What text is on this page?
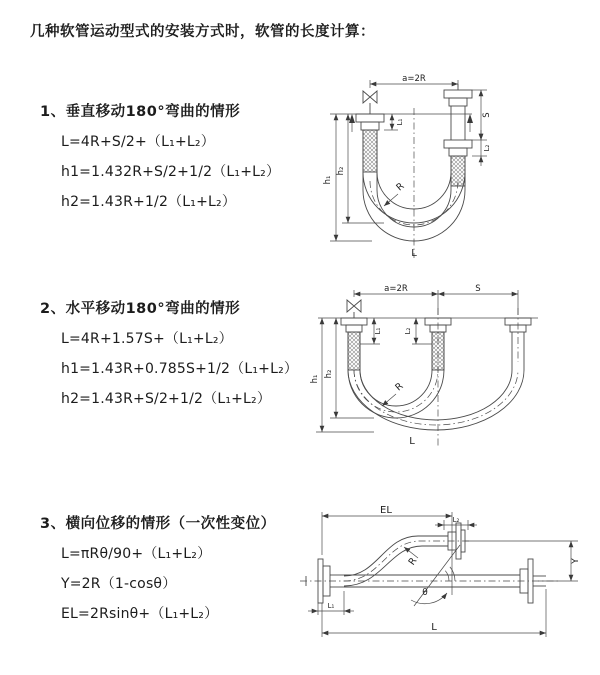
几种软管运动型式的安装方式时，软管的长度计算：
1、垂直移动180°弯曲的情形
L=4R+S/2+（L₁+L₂）
h1=1.432R+S/2+1/2（L₁+L₂）
h2=1.43R+1/2（L₁+L₂）
a=2R
h₁
h₂
L₁
S
L₂
R
L
2、水平移动180°弯曲的情形
L=4R+1.57S+（L₁+L₂）
h1=1.43R+0.785S+1/2（L₁+L₂）
h2=1.43R+S/2+1/2（L₁+L₂）
a=2R	S
L₁	L₂
h₂
h₁
R
L
3、横向位移的情形（一次性变位）
L=πRθ/90+（L₁+L₂）
Y=2R（1-cosθ）
EL=2Rsinθ+（L₁+L₂）
EL
L₂
Y
R
θ
L
L₁
